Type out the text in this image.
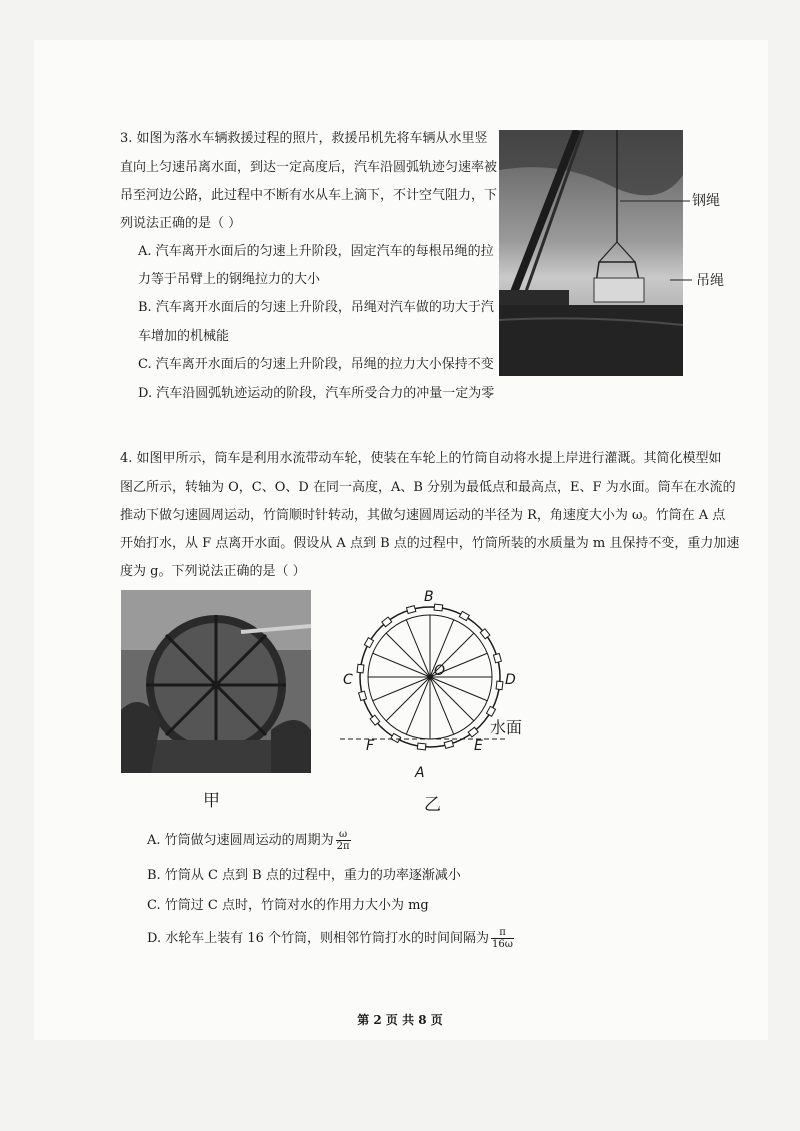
3. 如图为落水车辆救援过程的照片，救援吊机先将车辆从水里竖
直向上匀速吊离水面，到达一定高度后，汽车沿圆弧轨迹匀速率被
吊至河边公路，此过程中不断有水从车上滴下，不计空气阻力，下
列说法正确的是（ ）
A. 汽车离开水面后的匀速上升阶段，固定汽车的每根吊绳的拉
力等于吊臂上的钢绳拉力的大小
B. 汽车离开水面后的匀速上升阶段，吊绳对汽车做的功大于汽
车增加的机械能
C. 汽车离开水面后的匀速上升阶段，吊绳的拉力大小保持不变
D. 汽车沿圆弧轨迹运动的阶段，汽车所受合力的冲量一定为零
钢绳
吊绳
4. 如图甲所示，筒车是利用水流带动车轮，使装在车轮上的竹筒自动将水提上岸进行灌溉。其简化模型如
图乙所示，转轴为 O，C、O、D 在同一高度，A、B 分别为最低点和最高点，E、F 为水面。筒车在水流的
推动下做匀速圆周运动，竹筒顺时针转动，其做匀速圆周运动的半径为 R，角速度大小为 ω。竹筒在 A 点
开始打水，从 F 点离开水面。假设从 A 点到 B 点的过程中，竹筒所装的水质量为 m 且保持不变，重力加速
度为 g。下列说法正确的是（ ）
甲
B
A
C	D
O
E
F
水面
乙
A. 竹筒做匀速圆周运动的周期为 $\frac{\omega}{2\pi}$
B. 竹筒从 C 点到 B 点的过程中，重力的功率逐渐减小
C. 竹筒过 C 点时，竹筒对水的作用力大小为 mg
D. 水轮车上装有 16 个竹筒，则相邻竹筒打水的时间间隔为 $\frac{\pi}{16\omega}$
第 2 页 共 8 页
